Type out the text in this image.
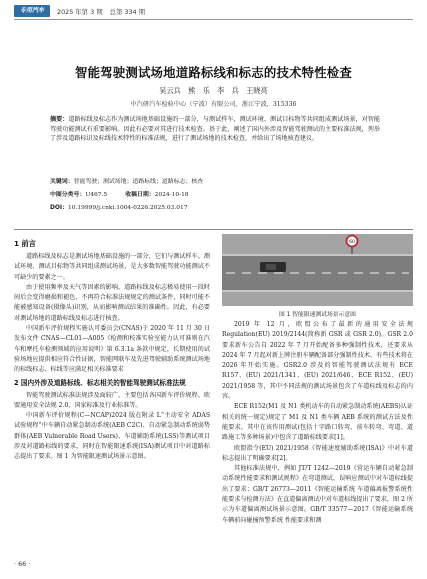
专用汽车	2025 年第 3 期 总第 334 期
智能驾驶测试场地道路标线和标志的技术特性检查
吴云兵 熊 乐 李 兵 王晓亮
中汽研汽车检验中心（宁波）有限公司，浙江宁波，315336
摘要：道路标线及标志作为测试场地基础设施的一部分，与测试样车、测试环境、测试目标物等共同组成测试场景，对智能驾驶功能测试有重要影响。因此有必要对其进行技术检查。基于此，阐述了国内外涉及智能驾驶测试的主要标准法规，列举了涉及道路标识及标线技术特性的标准法规，进行了测试场地的技术检查，并给出了场地核查建议。
关键词：智能驾驶；测试场地；道路标线；道路标志；核查
中图分类号：U467.5	收稿日期：2024-10-18
DOI：10.19999/j.cnki.1004-0226.2025.03.017
1 前言

道路标线及标志是测试场地基础设施的一部分，它们与测试样车、测试环境、测试目标物等共同组成测试场景，是大多数智能驾驶功能测试不可缺少的要素之一。

由于使用频率及天气等因素的影响，道路标线及标志极易使用一段时间后会变得磨损和褪色，不再符合标准法规规定的测试条件，同时可能不能被感知设备(摄像头)识别，从而影响测试结果的准确性。因此，有必要对测试场地的道路标线及标志进行核查。

中国新车评价规程实施认可委员会(CNAS)于 2020 年 11 月 30 日发布文件 CNAS—CL01—A005《检测和校准实验室能力认可准则在汽车和摩托车检测领域的应用说明》第 6.3.1a 条款中规定，长期使用的试验场地应提供相应符合性证据，智能网联车及先进驾驶辅助系统测试场地的标线标志、标线等应满足相关标准要求

2 国内外涉及道路标线、标志相关的智能驾驶测试标准法规

智能驾驶测试标准法规涉及面较广，主要包括各国新车评价规程、欧盟通用安全法规 2.0、国家标准及行业标准等。

中国新车评价规程(C—NCAP)2024 版在附录 L“主动安全 ADAS 试验规程”中车辆自动紧急制动系统(AEB C2C)、自动紧急制动系统弱势群体(AEB Vulnerable Road Users)、车道辅助系统(LSS)等测试项目涉及对道路标线的要求，同时在智能限速系统(ISA)测试项目中对道路标志提出了要求。图 1 为智能限速测试场景示意图。

60
图 1 智能限速测试场景示意图

2019 年 12 月，欧盟公布了最新的通用安全法规 Regulation(EU) 2019/2144(简称新 GSR 或 GSR 2.0)。GSR 2.0 要求新车公告自 2022 年 7 月开始配备多种强制性技术，还要求从 2024 年 7 月起对新上牌注册车辆配备部分强制性技术，有些技术将在 2026 年开始实施。GSR2.0 涉及的智能驾驶测试法规有 ECE R157、(EU) 2021/1341、(EU) 2021/646、ECE R152、(EU) 2021/1958 等，其中不同法规的测试场景包含了车道标线及标志的内容。

ECE R152(M1 及 N1 类机动车的自动紧急制动系统(AEBS)认证相关的统一规定)规定了 M1 及 N1 类车辆 AEB 系统的测试方法及性能要求，其中在该作用测试(包括十字路口转弯、前车转弯、弯道、道路施工等多种场景)中包含了道路标线要求[1]。

欧盟指令(EU) 2021/1958《智能速度辅助系统(ISA)》中对车道标志提出了明确要求[2]。

其他标准法规中，例如 JT/T 1242—2019《营运车辆自动紧急制动系统性能要求和测试规程》在弯道测试、误响应测试中对车道标线提出了要求；GB/T 26773—2011《智能运输系统 车道偏离报警系统性能要求与检测方法》在直道偏离测试中对车道标线提出了要求，图 2 所示为车道偏离测试场景示意图。GB/T 33577—2017《智能运输系统 车辆前向碰撞预警系统 性能要求和测

· 66 ·
